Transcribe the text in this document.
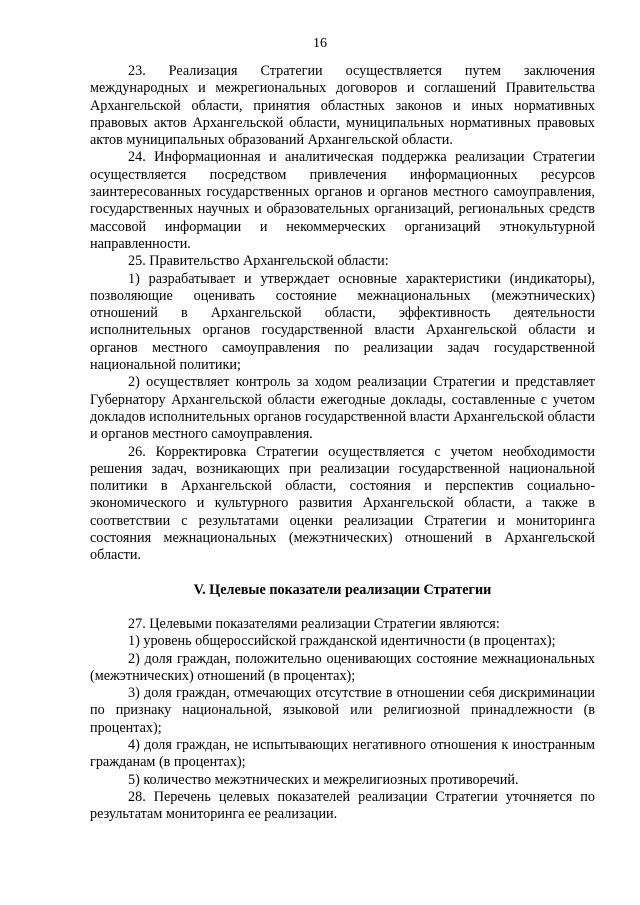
16

23. Реализация Стратегии осуществляется путем заключения международных и межрегиональных договоров и соглашений Правительства Архангельской области, принятия областных законов и иных нормативных правовых актов Архангельской области, муниципальных нормативных правовых актов муниципальных образований Архангельской области.

24. Информационная и аналитическая поддержка реализации Стратегии осуществляется посредством привлечения информационных ресурсов заинтересованных государственных органов и органов местного самоуправления, государственных научных и образовательных организаций, региональных средств массовой информации и некоммерческих организаций этнокультурной направленности.

25. Правительство Архангельской области:

1) разрабатывает и утверждает основные характеристики (индикаторы), позволяющие оценивать состояние межнациональных (межэтнических) отношений в Архангельской области, эффективность деятельности исполнительных органов государственной власти Архангельской области и органов местного самоуправления по реализации задач государственной национальной политики;

2) осуществляет контроль за ходом реализации Стратегии и представляет Губернатору Архангельской области ежегодные доклады, составленные с учетом докладов исполнительных органов государственной власти Архангельской области и органов местного самоуправления.

26. Корректировка Стратегии осуществляется с учетом необходимости решения задач, возникающих при реализации государственной национальной политики в Архангельской области, состояния и перспектив социально-экономического и культурного развития Архангельской области, а также в соответствии с результатами оценки реализации Стратегии и мониторинга состояния межнациональных (межэтнических) отношений в Архангельской области.

V. Целевые показатели реализации Стратегии

27. Целевыми показателями реализации Стратегии являются:

1) уровень общероссийской гражданской идентичности (в процентах);

2) доля граждан, положительно оценивающих состояние межнациональных (межэтнических) отношений (в процентах);

3) доля граждан, отмечающих отсутствие в отношении себя дискриминации по признаку национальной, языковой или религиозной принадлежности (в процентах);

4) доля граждан, не испытывающих негативного отношения к иностранным гражданам (в процентах);

5) количество межэтнических и межрелигиозных противоречий.

28. Перечень целевых показателей реализации Стратегии уточняется по результатам мониторинга ее реализации.
